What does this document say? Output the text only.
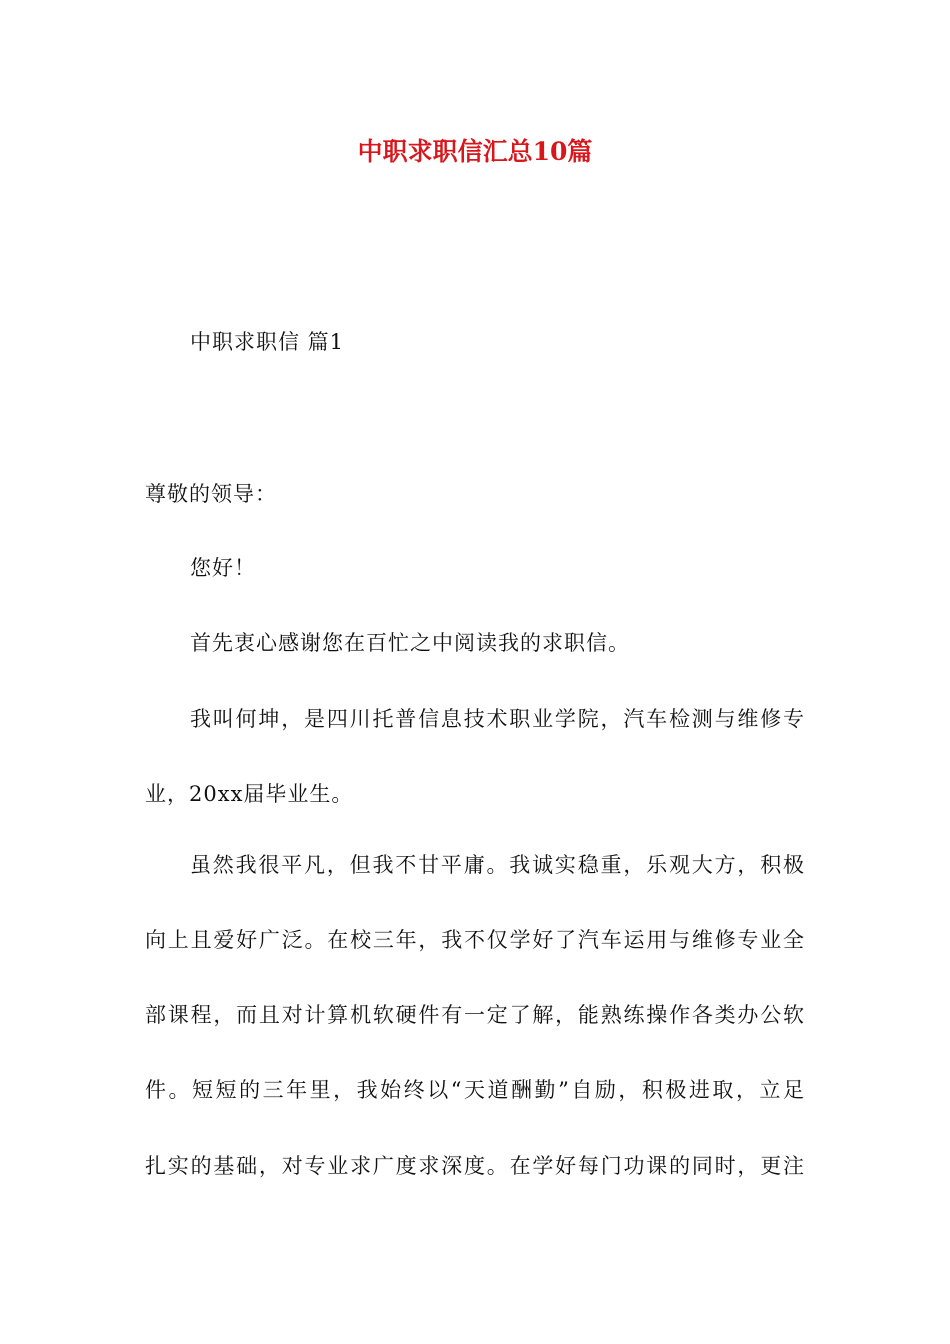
中职求职信汇总10篇
中职求职信 篇1
尊敬的领导：
您好！
首先衷心感谢您在百忙之中阅读我的求职信。
我叫何坤，是四川托普信息技术职业学院，汽车检测与维修专
业，20xx届毕业生。
虽然我很平凡，但我不甘平庸。我诚实稳重，乐观大方，积极
向上且爱好广泛。在校三年，我不仅学好了汽车运用与维修专业全
部课程，而且对计算机软硬件有一定了解，能熟练操作各类办公软
件。短短的三年里，我始终以“天道酬勤”自励，积极进取，立足
扎实的基础，对专业求广度求深度。在学好每门功课的同时，更注
